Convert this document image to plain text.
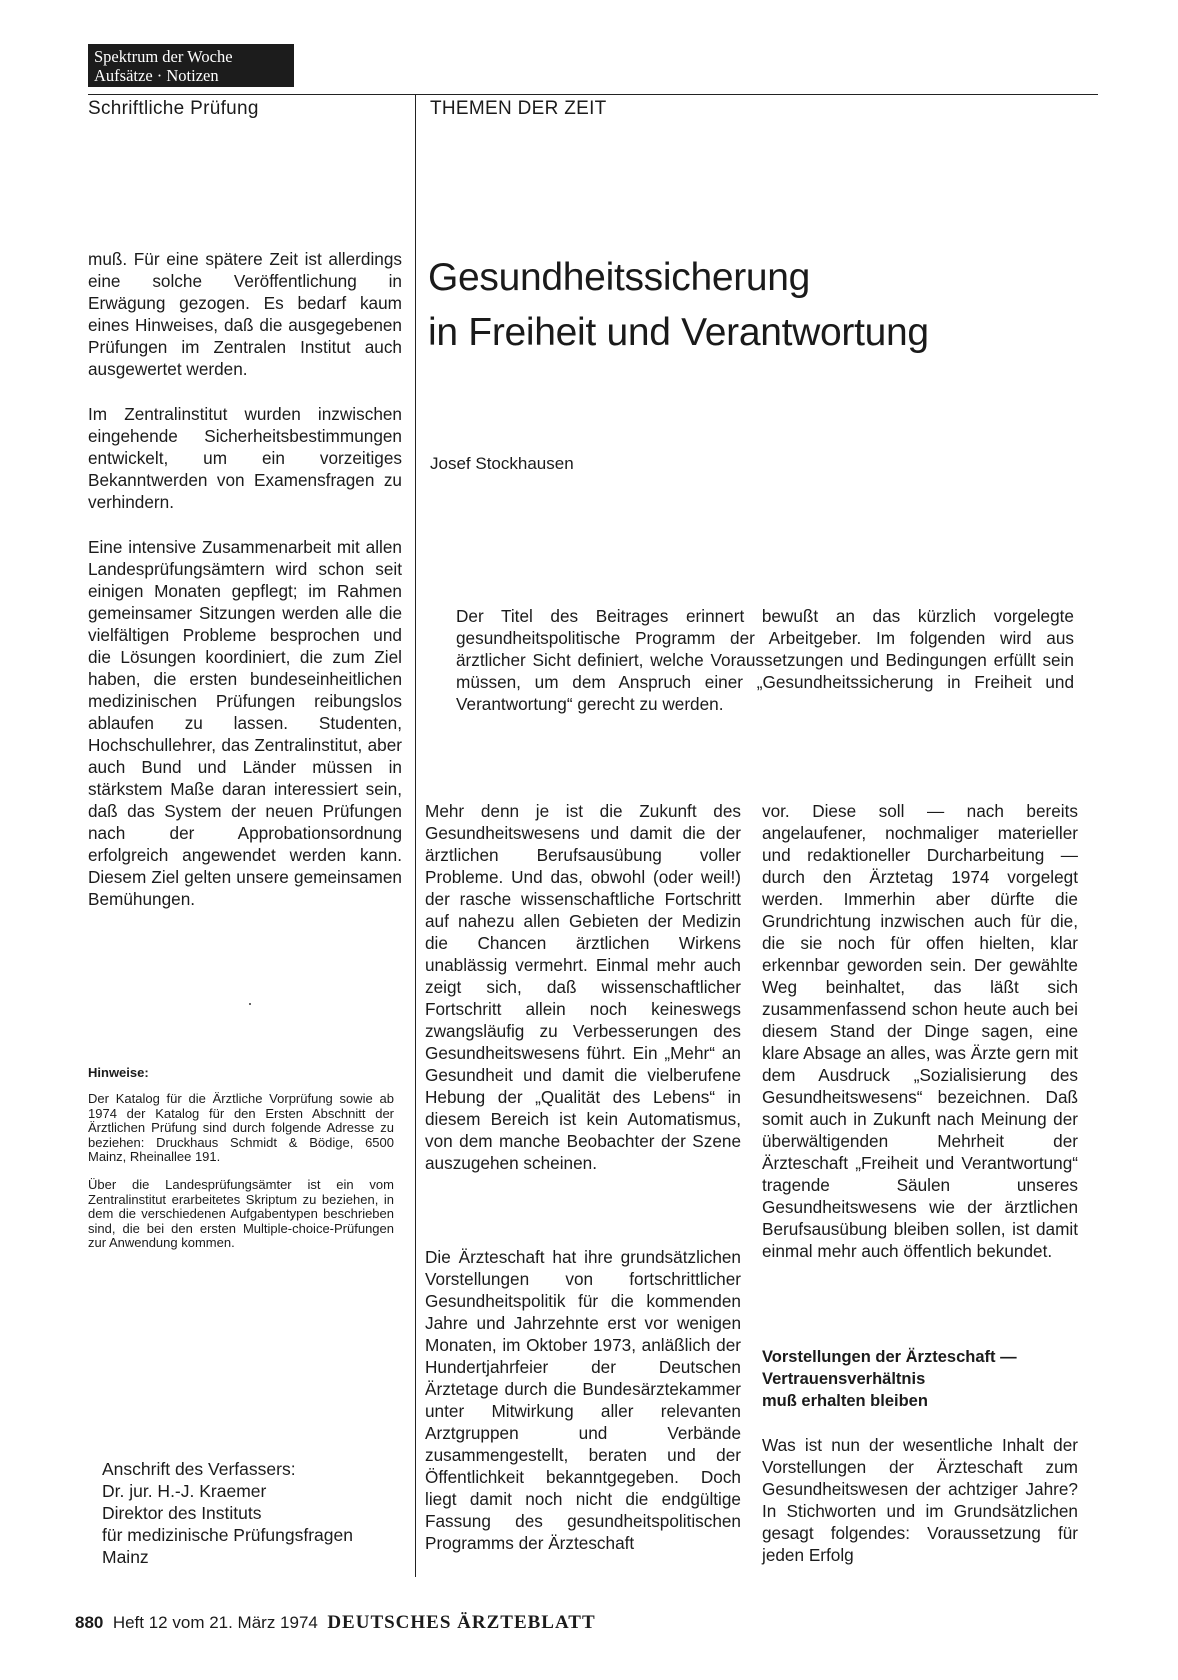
Spektrum der Woche
Aufsätze · Notizen
Schriftliche Prüfung	THEMEN DER ZEIT

muß. Für eine spätere Zeit ist allerdings eine solche Veröffentlichung in Erwägung gezogen. Es bedarf kaum eines Hinweises, daß die ausgegebenen Prüfungen im Zentralen Institut auch ausgewertet werden.

Im Zentralinstitut wurden inzwischen eingehende Sicherheitsbestimmungen entwickelt, um ein vorzeitiges Bekanntwerden von Examensfragen zu verhindern.

Eine intensive Zusammenarbeit mit allen Landesprüfungsämtern wird schon seit einigen Monaten gepflegt; im Rahmen gemeinsamer Sitzungen werden alle die vielfältigen Probleme besprochen und die Lösungen koordiniert, die zum Ziel haben, die ersten bundeseinheitlichen medizinischen Prüfungen reibungslos ablaufen zu lassen. Studenten, Hochschullehrer, das Zentralinstitut, aber auch Bund und Länder müssen in stärkstem Maße daran interessiert sein, daß das System der neuen Prüfungen nach der Approbationsordnung erfolgreich angewendet werden kann. Diesem Ziel gelten unsere gemeinsamen Bemühungen.

Hinweise:

Der Katalog für die Ärztliche Vorprüfung sowie ab 1974 der Katalog für den Ersten Abschnitt der Ärztlichen Prüfung sind durch folgende Adresse zu beziehen: Druckhaus Schmidt & Bödige, 6500 Mainz, Rheinallee 191.

Über die Landesprüfungsämter ist ein vom Zentralinstitut erarbeitetes Skriptum zu beziehen, in dem die verschiedenen Aufgabentypen beschrieben sind, die bei den ersten Multiple-choice-Prüfungen zur Anwendung kommen.

Anschrift des Verfassers:
Dr. jur. H.-J. Kraemer
Direktor des Instituts
für medizinische Prüfungsfragen
Mainz
Gesundheitssicherung
in Freiheit und Verantwortung
Josef Stockhausen

Der Titel des Beitrages erinnert bewußt an das kürzlich vorgelegte gesundheitspolitische Programm der Arbeitgeber. Im folgenden wird aus ärztlicher Sicht definiert, welche Voraussetzungen und Bedingungen erfüllt sein müssen, um dem Anspruch einer „Gesundheitssicherung in Freiheit und Verantwortung“ gerecht zu werden.

Mehr denn je ist die Zukunft des Gesundheitswesens und damit die der ärztlichen Berufsausübung voller Probleme. Und das, obwohl (oder weil!) der rasche wissenschaftliche Fortschritt auf nahezu allen Gebieten der Medizin die Chancen ärztlichen Wirkens unablässig vermehrt. Einmal mehr auch zeigt sich, daß wissenschaftlicher Fortschritt allein noch keineswegs zwangsläufig zu Verbesserungen des Gesundheitswesens führt. Ein „Mehr“ an Gesundheit und damit die vielberufene Hebung der „Qualität des Lebens“ in diesem Bereich ist kein Automatismus, von dem manche Beobachter der Szene auszugehen scheinen.

Die Ärzteschaft hat ihre grundsätzlichen Vorstellungen von fortschrittlicher Gesundheitspolitik für die kommenden Jahre und Jahrzehnte erst vor wenigen Monaten, im Oktober 1973, anläßlich der Hundertjahrfeier der Deutschen Ärztetage durch die Bundesärztekammer unter Mitwirkung aller relevanten Arztgruppen und Verbände zusammengestellt, beraten und der Öffentlichkeit bekanntgegeben. Doch liegt damit noch nicht die endgültige Fassung des gesundheitspolitischen Programms der Ärzteschaft

vor. Diese soll — nach bereits angelaufener, nochmaliger materieller und redaktioneller Durcharbeitung — durch den Ärztetag 1974 vorgelegt werden. Immerhin aber dürfte die Grundrichtung inzwischen auch für die, die sie noch für offen hielten, klar erkennbar geworden sein. Der gewählte Weg beinhaltet, das läßt sich zusammenfassend schon heute auch bei diesem Stand der Dinge sagen, eine klare Absage an alles, was Ärzte gern mit dem Ausdruck „Sozialisierung des Gesundheitswesens“ bezeichnen. Daß somit auch in Zukunft nach Meinung der überwältigenden Mehrheit der Ärzteschaft „Freiheit und Verantwortung“ tragende Säulen unseres Gesundheitswesens wie der ärztlichen Berufsausübung bleiben sollen, ist damit einmal mehr auch öffentlich bekundet.

Vorstellungen der Ärzteschaft —
Vertrauensverhältnis
muß erhalten bleiben

Was ist nun der wesentliche Inhalt der Vorstellungen der Ärzteschaft zum Gesundheitswesen der achtziger Jahre? In Stichworten und im Grundsätzlichen gesagt folgendes: Voraussetzung für jeden Erfolg

880 Heft 12 vom 21. März 1974 DEUTSCHES ÄRZTEBLATT
